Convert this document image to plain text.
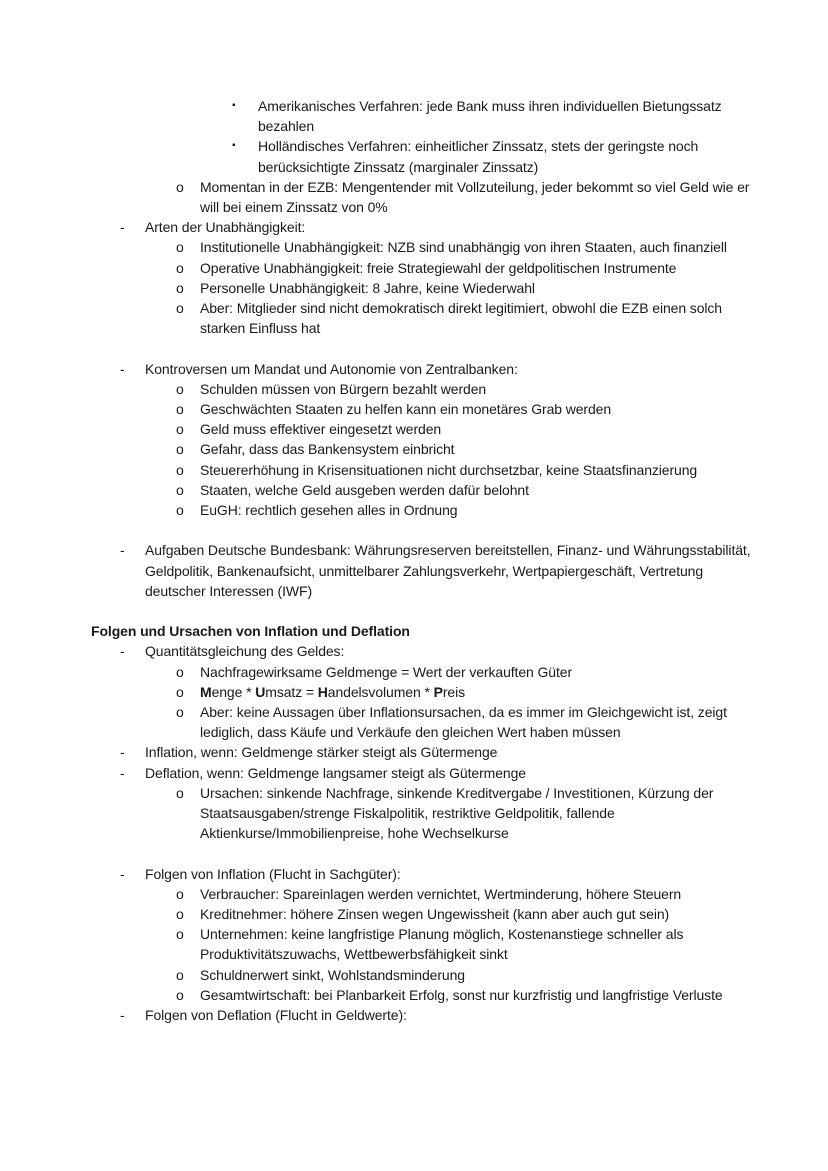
▪	Amerikanisches Verfahren: jede Bank muss ihren individuellen Bietungssatz bezahlen
▪	Holländisches Verfahren: einheitlicher Zinssatz, stets der geringste noch berücksichtigte Zinssatz (marginaler Zinssatz)
o	Momentan in der EZB: Mengentender mit Vollzuteilung, jeder bekommt so viel Geld wie er will bei einem Zinssatz von 0%
-	Arten der Unabhängigkeit:
o	Institutionelle Unabhängigkeit: NZB sind unabhängig von ihren Staaten, auch finanziell
o	Operative Unabhängigkeit: freie Strategiewahl der geldpolitischen Instrumente
o	Personelle Unabhängigkeit: 8 Jahre, keine Wiederwahl
o	Aber: Mitglieder sind nicht demokratisch direkt legitimiert, obwohl die EZB einen solch starken Einfluss hat
-	Kontroversen um Mandat und Autonomie von Zentralbanken:
o	Schulden müssen von Bürgern bezahlt werden
o	Geschwächten Staaten zu helfen kann ein monetäres Grab werden
o	Geld muss effektiver eingesetzt werden
o	Gefahr, dass das Bankensystem einbricht
o	Steuererhöhung in Krisensituationen nicht durchsetzbar, keine Staatsfinanzierung
o	Staaten, welche Geld ausgeben werden dafür belohnt
o	EuGH: rechtlich gesehen alles in Ordnung
-	Aufgaben Deutsche Bundesbank: Währungsreserven bereitstellen, Finanz- und Währungsstabilität, Geldpolitik, Bankenaufsicht, unmittelbarer Zahlungsverkehr, Wertpapiergeschäft, Vertretung deutscher Interessen (IWF)
Folgen und Ursachen von Inflation und Deflation
-	Quantitätsgleichung des Geldes:
o	Nachfragewirksame Geldmenge = Wert der verkauften Güter
o	Menge * Umsatz = Handelsvolumen * Preis
o	Aber: keine Aussagen über Inflationsursachen, da es immer im Gleichgewicht ist, zeigt lediglich, dass Käufe und Verkäufe den gleichen Wert haben müssen
-	Inflation, wenn: Geldmenge stärker steigt als Gütermenge
-	Deflation, wenn: Geldmenge langsamer steigt als Gütermenge
o	Ursachen: sinkende Nachfrage, sinkende Kreditvergabe / Investitionen, Kürzung der Staatsausgaben/strenge Fiskalpolitik, restriktive Geldpolitik, fallende Aktienkurse/Immobilienpreise, hohe Wechselkurse
-	Folgen von Inflation (Flucht in Sachgüter):
o	Verbraucher: Spareinlagen werden vernichtet, Wertminderung, höhere Steuern
o	Kreditnehmer: höhere Zinsen wegen Ungewissheit (kann aber auch gut sein)
o	Unternehmen: keine langfristige Planung möglich, Kostenanstiege schneller als Produktivitätszuwachs, Wettbewerbsfähigkeit sinkt
o	Schuldnerwert sinkt, Wohlstandsminderung
o	Gesamtwirtschaft: bei Planbarkeit Erfolg, sonst nur kurzfristig und langfristige Verluste
-	Folgen von Deflation (Flucht in Geldwerte):
